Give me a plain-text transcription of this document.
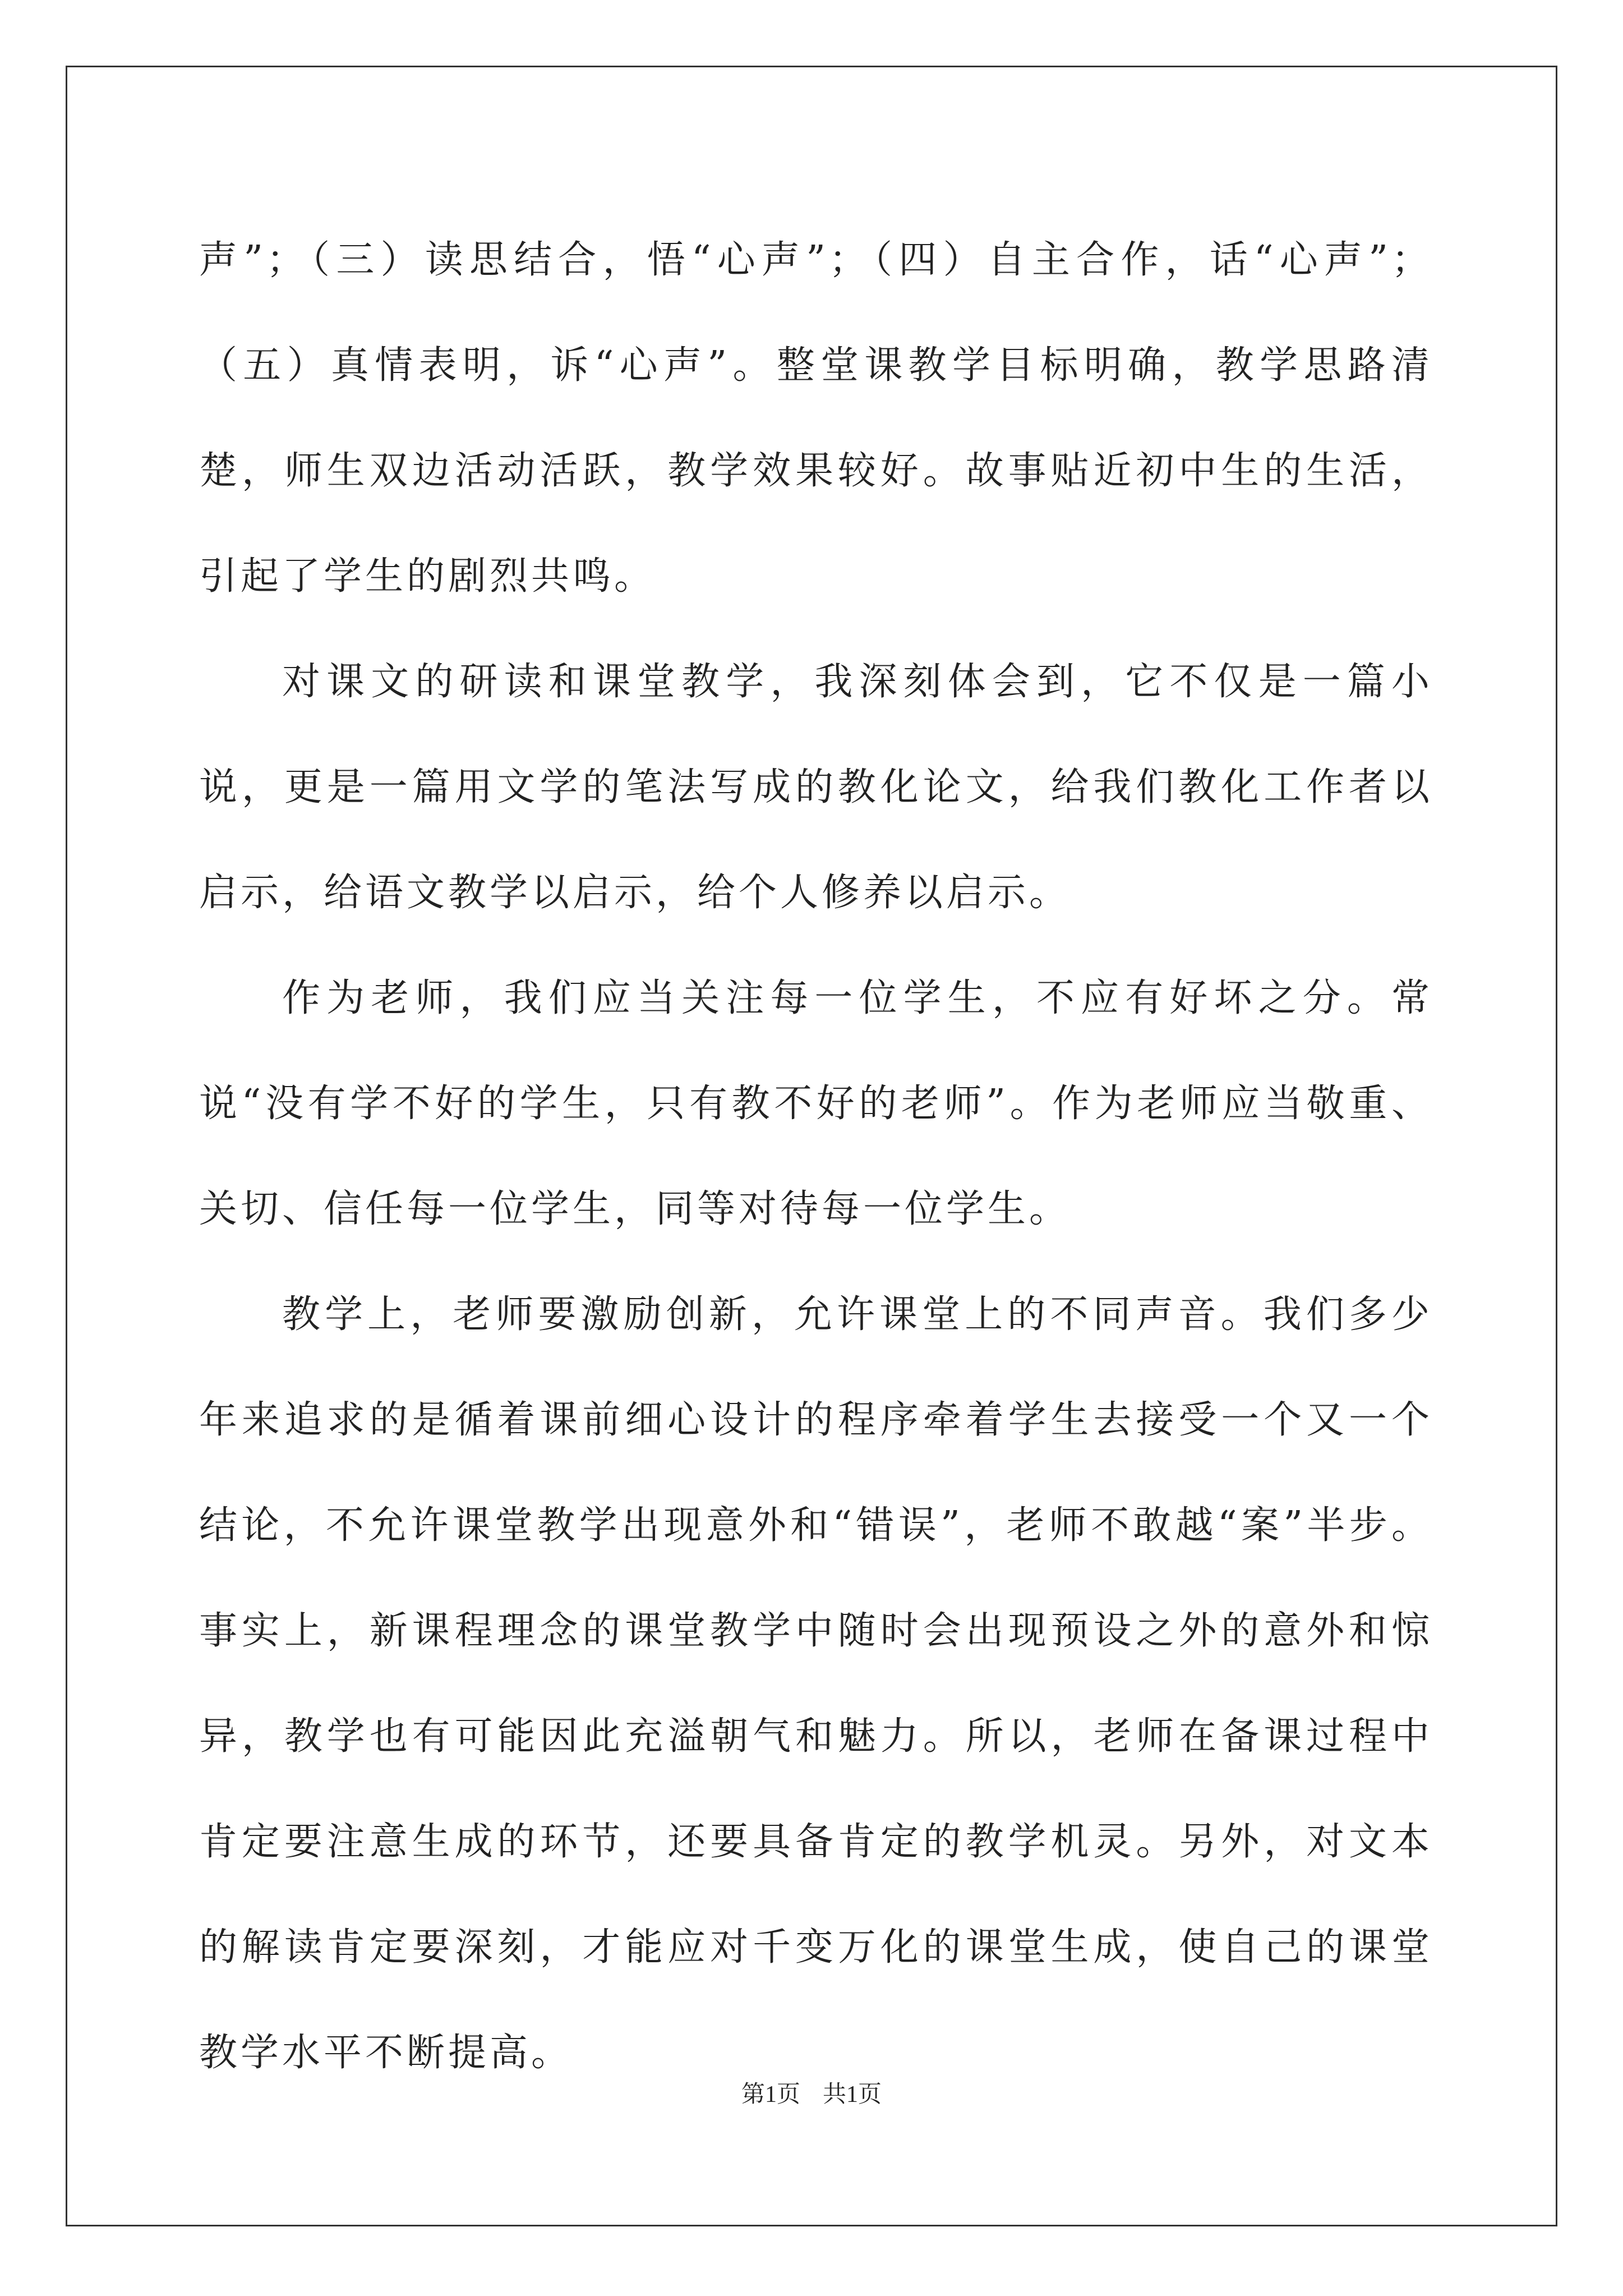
声”；（三）读思结合，悟“心声”；（四）自主合作，话“心声”；（五）真情表明，诉“心声”。整堂课教学目标明确，教学思路清楚，师生双边活动活跃，教学效果较好。故事贴近初中生的生活，引起了学生的剧烈共鸣。

对课文的研读和课堂教学，我深刻体会到，它不仅是一篇小说，更是一篇用文学的笔法写成的教化论文，给我们教化工作者以启示，给语文教学以启示，给个人修养以启示。

作为老师，我们应当关注每一位学生，不应有好坏之分。常说“没有学不好的学生，只有教不好的老师”。作为老师应当敬重、关切、信任每一位学生，同等对待每一位学生。

教学上，老师要激励创新，允许课堂上的不同声音。我们多少年来追求的是循着课前细心设计的程序牵着学生去接受一个又一个结论，不允许课堂教学出现意外和“错误”，老师不敢越“案”半步。事实上，新课程理念的课堂教学中随时会出现预设之外的意外和惊异，教学也有可能因此充溢朝气和魅力。所以，老师在备课过程中肯定要注意生成的环节，还要具备肯定的教学机灵。另外，对文本的解读肯定要深刻，才能应对千变万化的课堂生成，使自己的课堂教学水平不断提高。

第1页 共1页
